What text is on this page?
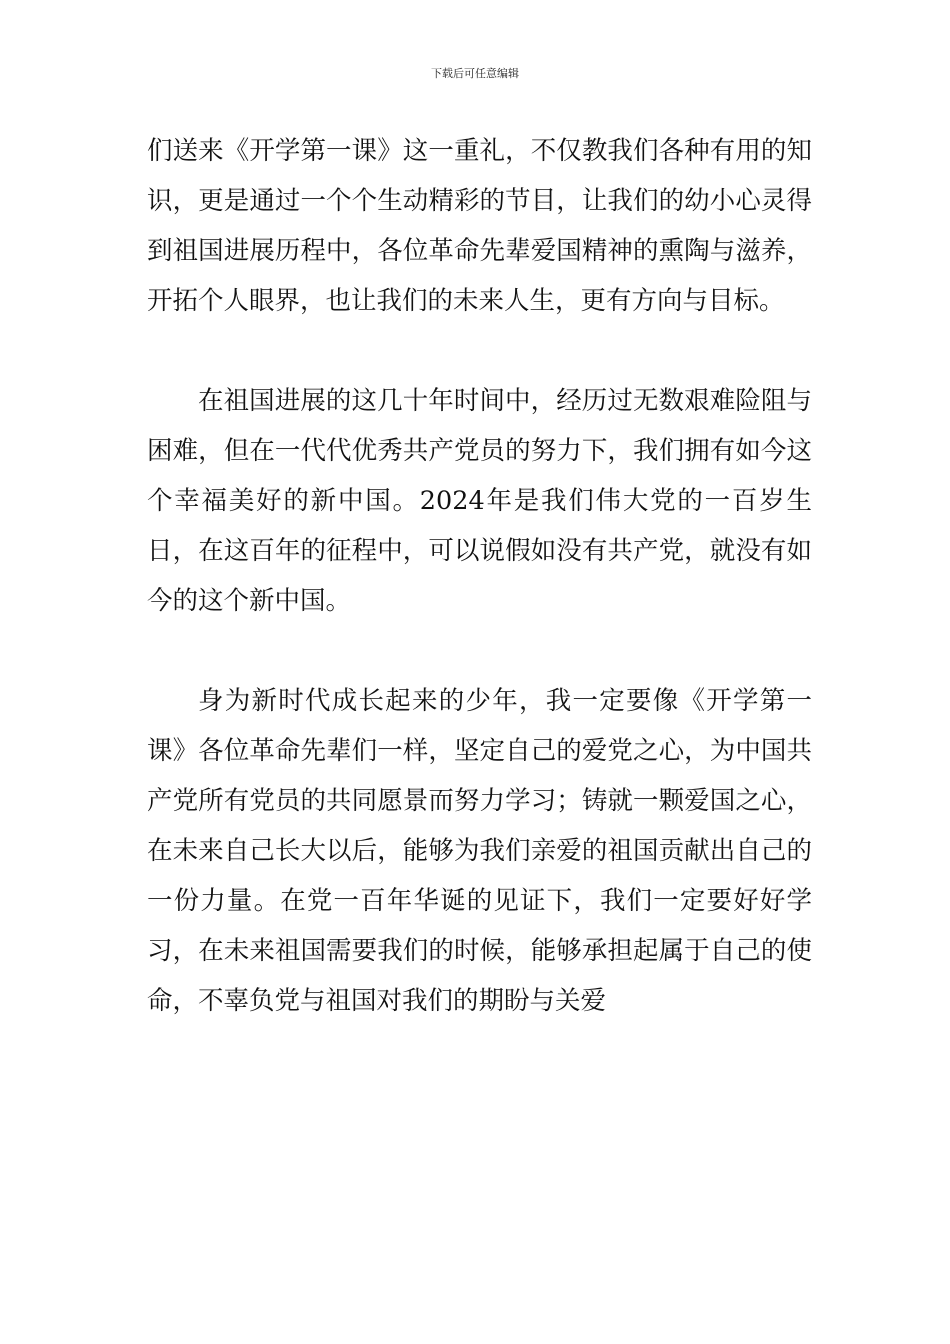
下载后可任意编辑

们送来《开学第一课》这一重礼，不仅教我们各种有用的知识，更是通过一个个生动精彩的节目，让我们的幼小心灵得到祖国进展历程中，各位革命先辈爱国精神的熏陶与滋养，开拓个人眼界，也让我们的未来人生，更有方向与目标。

在祖国进展的这几十年时间中，经历过无数艰难险阻与困难，但在一代代优秀共产党员的努力下，我们拥有如今这个幸福美好的新中国。2024年是我们伟大党的一百岁生日，在这百年的征程中，可以说假如没有共产党，就没有如今的这个新中国。

身为新时代成长起来的少年，我一定要像《开学第一课》各位革命先辈们一样，坚定自己的爱党之心，为中国共产党所有党员的共同愿景而努力学习；铸就一颗爱国之心，在未来自己长大以后，能够为我们亲爱的祖国贡献出自己的一份力量。在党一百年华诞的见证下，我们一定要好好学习，在未来祖国需要我们的时候，能够承担起属于自己的使命，不辜负党与祖国对我们的期盼与关爱
